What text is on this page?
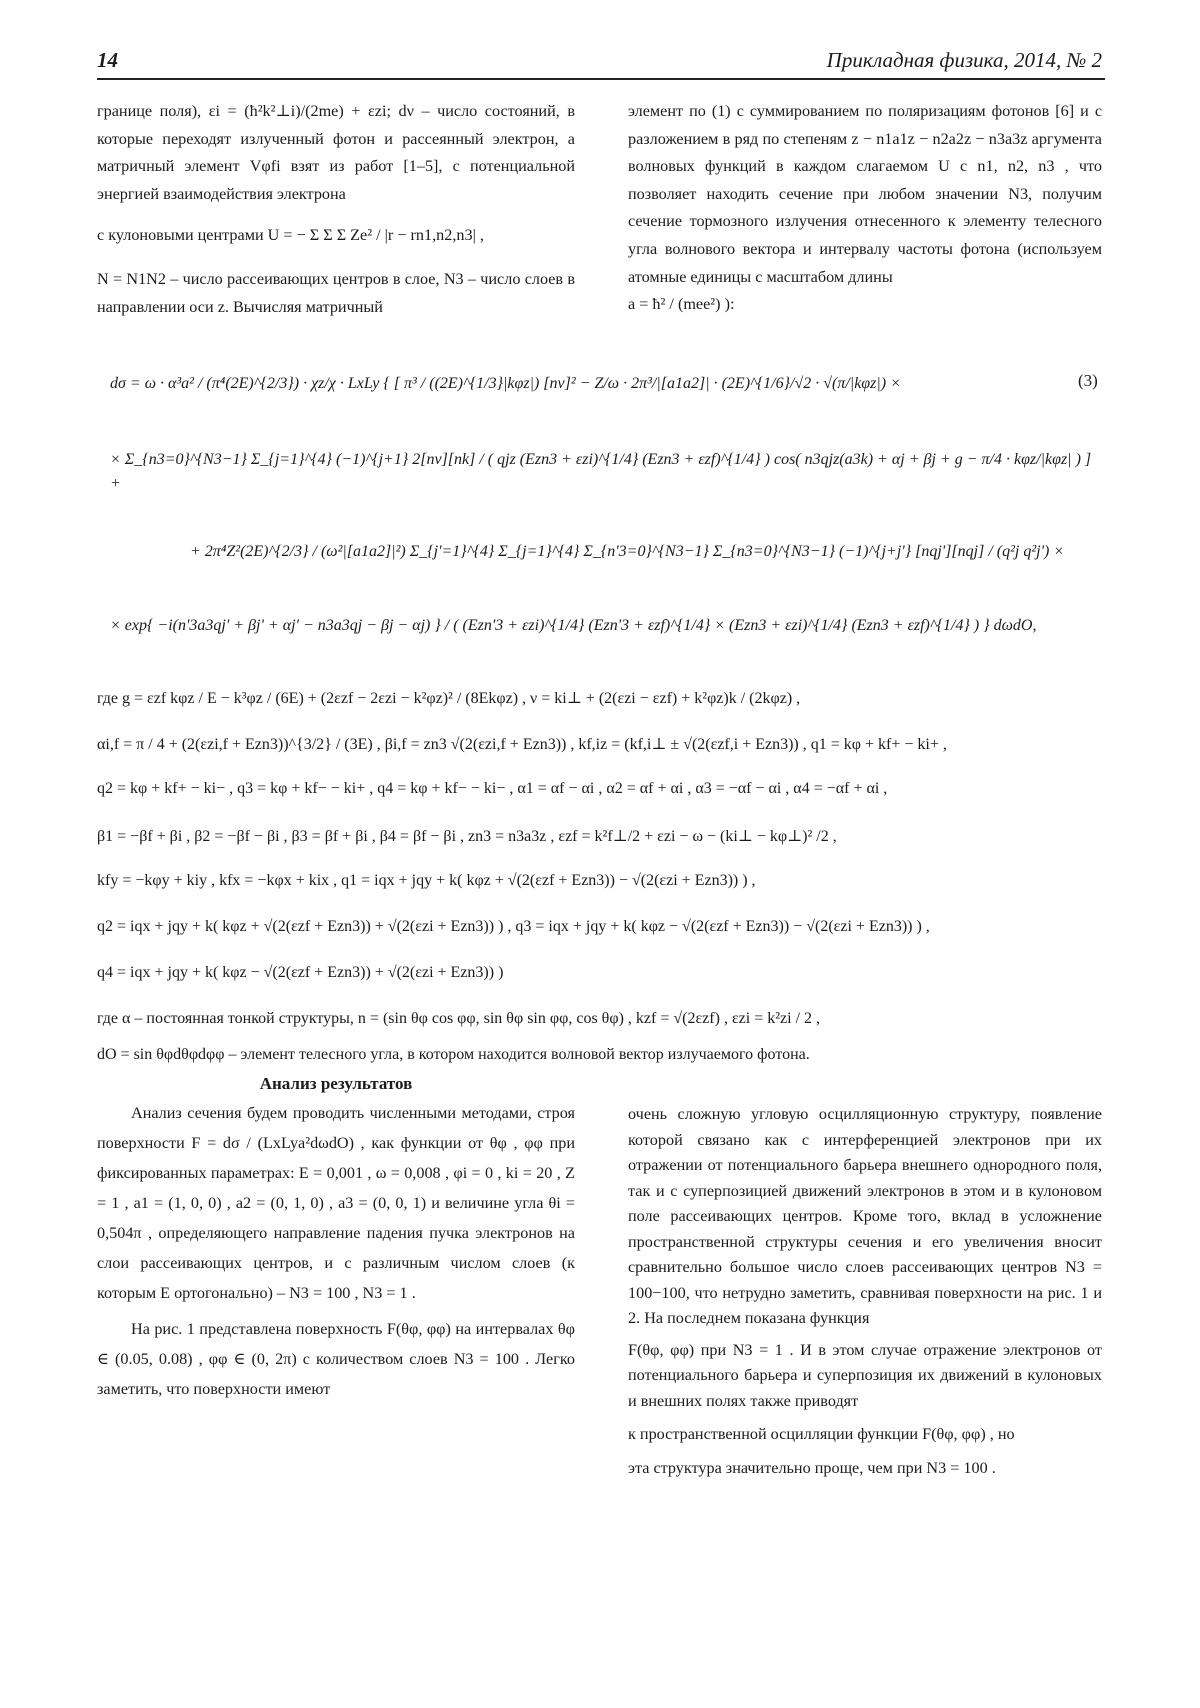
14	Прикладная физика, 2014, № 2

границе поля), εi = (ħ²k²⊥i)/(2me) + εzi; dν – число состояний, в которые переходят излученный фотон и рассеянный электрон, а матричный элемент Vφfi взят из работ [1–5], с потенциальной энергией взаимодействия электрона

с кулоновыми центрами U = − Σ Σ Σ Ze² / |r − rn1,n2,n3| ,

N = N1N2 – число рассеивающих центров в слое, N3 – число слоев в направлении оси z. Вычисляя матричный

элемент по (1) с суммированием по поляризациям фотонов [6] и с разложением в ряд по степеням z − n1a1z − n2a2z − n3a3z аргумента волновых функций в каждом слагаемом U с n1, n2, n3 , что позволяет находить сечение при любом значении N3, получим сечение тормозного излучения отнесенного к элементу телесного угла волнового вектора и интервалу частоты фотона (используем атомные единицы с масштабом длины

a = ħ² / (mee²) ):

dσ = ω · α³a² / (π⁴(2E)^{2/3}) · χz/χ · LxLy { [ π³ / ((2E)^{1/3}|kφz|) [nν]² − Z/ω · 2π³/|[a1a2]| · (2E)^{1/6}/√2 · √(π/|kφz|) ×	(3)
× Σ_{n3=0}^{N3−1} Σ_{j=1}^{4} (−1)^{j+1} 2[nν][nk] / ( qjz (Ezn3 + εzi)^{1/4} (Ezn3 + εzf)^{1/4} ) cos( n3qjz(a3k) + αj + βj + g − π/4 · kφz/|kφz| ) ] +
+ 2π⁴Z²(2E)^{2/3} / (ω²|[a1a2]|²) Σ_{j'=1}^{4} Σ_{j=1}^{4} Σ_{n'3=0}^{N3−1} Σ_{n3=0}^{N3−1} (−1)^{j+j'} [nqj'][nqj] / (q²j q²j') ×
× exp{ −i(n'3a3qj' + βj' + αj' − n3a3qj − βj − αj) } / ( (Ezn'3 + εzi)^{1/4} (Ezn'3 + εzf)^{1/4} × (Ezn3 + εzi)^{1/4} (Ezn3 + εzf)^{1/4} ) } dωdO,
где g = εzf kφz / E − k³φz / (6E) + (2εzf − 2εzi − k²φz)² / (8Ekφz) , ν = ki⊥ + (2(εzi − εzf) + k²φz)k / (2kφz) ,
αi,f = π / 4 + (2(εzi,f + Ezn3))^{3/2} / (3E) , βi,f = zn3 √(2(εzi,f + Ezn3)) , kf,iz = (kf,i⊥ ± √(2(εzf,i + Ezn3)) , q1 = kφ + kf+ − ki+ ,
q2 = kφ + kf+ − ki− , q3 = kφ + kf− − ki+ , q4 = kφ + kf− − ki− , α1 = αf − αi , α2 = αf + αi , α3 = −αf − αi , α4 = −αf + αi ,
β1 = −βf + βi , β2 = −βf − βi , β3 = βf + βi , β4 = βf − βi , zn3 = n3a3z , εzf = k²f⊥/2 + εzi − ω − (ki⊥ − kφ⊥)² /2 ,
kfy = −kφy + kiy , kfx = −kφx + kix , q1 = iqx + jqy + k( kφz + √(2(εzf + Ezn3)) − √(2(εzi + Ezn3)) ) ,
q2 = iqx + jqy + k( kφz + √(2(εzf + Ezn3)) + √(2(εzi + Ezn3)) ) , q3 = iqx + jqy + k( kφz − √(2(εzf + Ezn3)) − √(2(εzi + Ezn3)) ) ,
q4 = iqx + jqy + k( kφz − √(2(εzf + Ezn3)) + √(2(εzi + Ezn3)) )
где α – постоянная тонкой структуры, n = (sin θφ cos φφ, sin θφ sin φφ, cos θφ) , kzf = √(2εzf) , εzi = k²zi / 2 ,
dO = sin θφdθφdφφ – элемент телесного угла, в котором находится волновой вектор излучаемого фотона.

Анализ результатов

Анализ сечения будем проводить численными методами, строя поверхности F = dσ / (LxLya²dωdO) , как функции от θφ , φφ при фиксированных параметрах: E = 0,001 , ω = 0,008 , φi = 0 , ki = 20 , Z = 1 , a1 = (1, 0, 0) , a2 = (0, 1, 0) , a3 = (0, 0, 1) и величине угла θi = 0,504π , определяющего направление падения пучка электронов на слои рассеивающих центров, и с различным числом слоев (к которым E ортогонально) – N3 = 100 , N3 = 1 .

На рис. 1 представлена поверхность F(θφ, φφ) на интервалах θφ ∈ (0.05, 0.08) , φφ ∈ (0, 2π) с количеством слоев N3 = 100 . Легко заметить, что поверхности имеют

очень сложную угловую осцилляционную структуру, появление которой связано как с интерференцией электронов при их отражении от потенциального барьера внешнего однородного поля, так и с суперпозицией движений электронов в этом и в кулоновом поле рассеивающих центров. Кроме того, вклад в усложнение пространственной структуры сечения и его увеличения вносит сравнительно большое число слоев рассеивающих центров N3 = 100−100, что нетрудно заметить, сравнивая поверхности на рис. 1 и 2. На последнем показана функция

F(θφ, φφ) при N3 = 1 . И в этом случае отражение электронов от потенциального барьера и суперпозиция их движений в кулоновых и внешних полях также приводят

к пространственной осцилляции функции F(θφ, φφ) , но

эта структура значительно проще, чем при N3 = 100 .
